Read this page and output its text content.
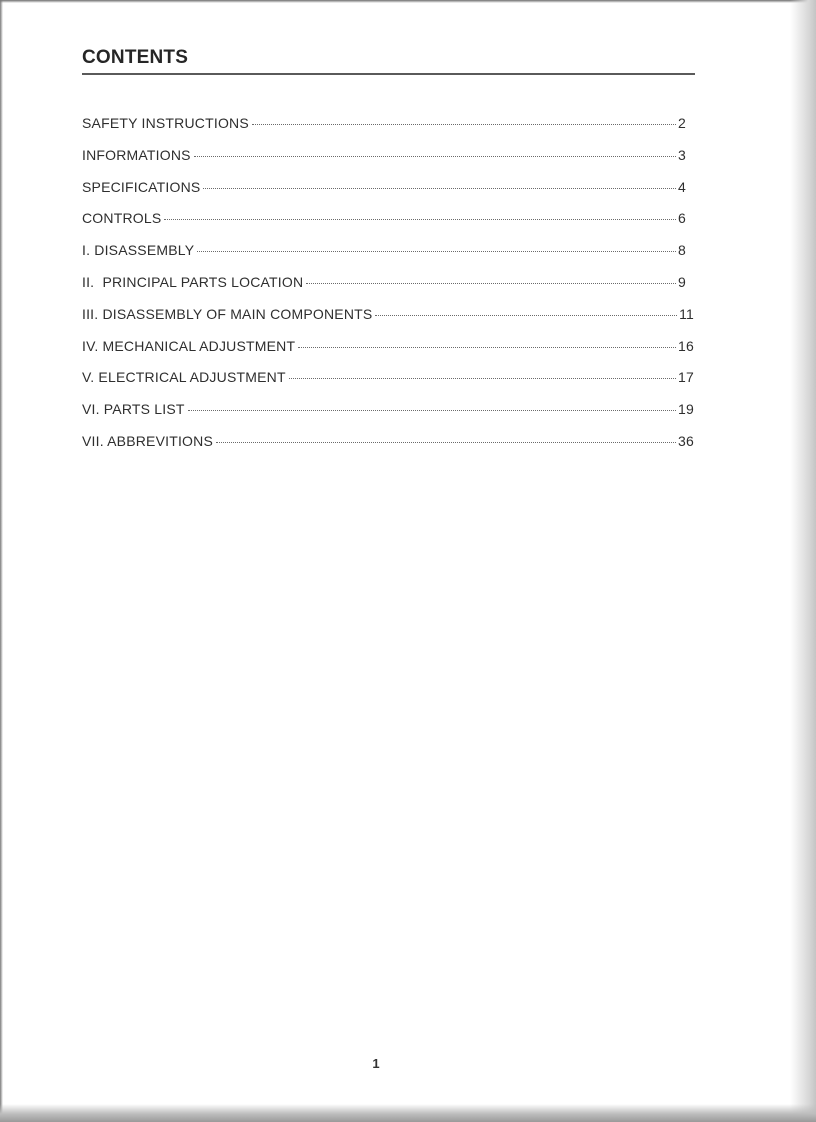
CONTENTS
SAFETY INSTRUCTIONS	2
INFORMATIONS	3
SPECIFICATIONS	4
CONTROLS	6
I. DISASSEMBLY	8
II.  PRINCIPAL PARTS LOCATION	9
III. DISASSEMBLY OF MAIN COMPONENTS	11
IV. MECHANICAL ADJUSTMENT	16
V. ELECTRICAL ADJUSTMENT	17
VI. PARTS LIST	19
VII. ABBREVITIONS	36
1
